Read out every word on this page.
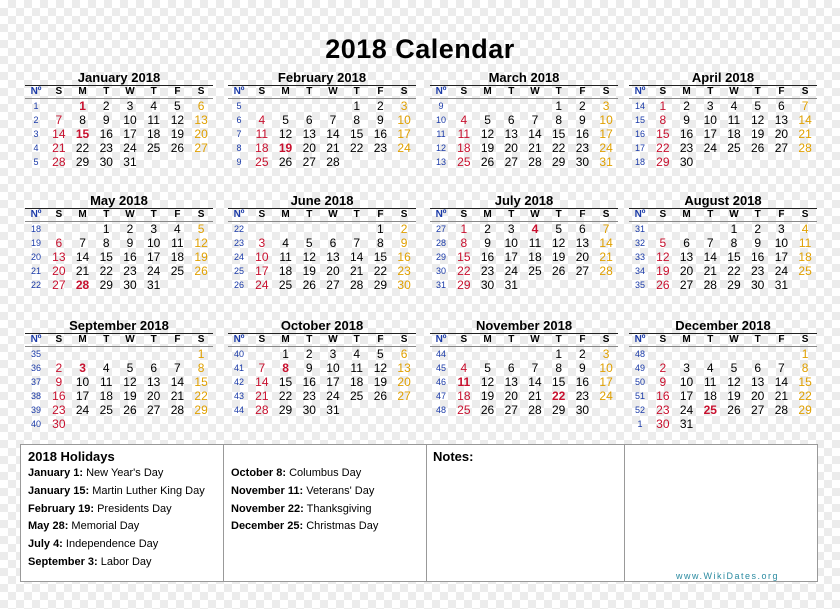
2018 Calendar
January 2018
Nº	S	M	T	W	T	F	S
1		1	2	3	4	5	6
2	7	8	9	10	11	12	13
3	14	15	16	17	18	19	20
4	21	22	23	24	25	26	27
5	28	29	30	31			
February 2018
Nº	S	M	T	W	T	F	S
5					1	2	3
6	4	5	6	7	8	9	10
7	11	12	13	14	15	16	17
8	18	19	20	21	22	23	24
9	25	26	27	28			
March 2018
Nº	S	M	T	W	T	F	S
9					1	2	3
10	4	5	6	7	8	9	10
11	11	12	13	14	15	16	17
12	18	19	20	21	22	23	24
13	25	26	27	28	29	30	31
April 2018
Nº	S	M	T	W	T	F	S
14	1	2	3	4	5	6	7
15	8	9	10	11	12	13	14
16	15	16	17	18	19	20	21
17	22	23	24	25	26	27	28
18	29	30					
May 2018
Nº	S	M	T	W	T	F	S
18			1	2	3	4	5
19	6	7	8	9	10	11	12
20	13	14	15	16	17	18	19
21	20	21	22	23	24	25	26
22	27	28	29	30	31		
June 2018
Nº	S	M	T	W	T	F	S
22						1	2
23	3	4	5	6	7	8	9
24	10	11	12	13	14	15	16
25	17	18	19	20	21	22	23
26	24	25	26	27	28	29	30
July 2018
Nº	S	M	T	W	T	F	S
27	1	2	3	4	5	6	7
28	8	9	10	11	12	13	14
29	15	16	17	18	19	20	21
30	22	23	24	25	26	27	28
31	29	30	31				
August 2018
Nº	S	M	T	W	T	F	S
31				1	2	3	4
32	5	6	7	8	9	10	11
33	12	13	14	15	16	17	18
34	19	20	21	22	23	24	25
35	26	27	28	29	30	31	
September 2018
Nº	S	M	T	W	T	F	S
35							1
36	2	3	4	5	6	7	8
37	9	10	11	12	13	14	15
38	16	17	18	19	20	21	22
39	23	24	25	26	27	28	29
40	30						
October 2018
Nº	S	M	T	W	T	F	S
40		1	2	3	4	5	6
41	7	8	9	10	11	12	13
42	14	15	16	17	18	19	20
43	21	22	23	24	25	26	27
44	28	29	30	31			
November 2018
Nº	S	M	T	W	T	F	S
44					1	2	3
45	4	5	6	7	8	9	10
46	11	12	13	14	15	16	17
47	18	19	20	21	22	23	24
48	25	26	27	28	29	30	
December 2018
Nº	S	M	T	W	T	F	S
48							1
49	2	3	4	5	6	7	8
50	9	10	11	12	13	14	15
51	16	17	18	19	20	21	22
52	23	24	25	26	27	28	29
1	30	31					
2018 Holidays
January 1: New Year's Day
January 15: Martin Luther King Day
February 19: Presidents Day
May 28: Memorial Day
July 4: Independence Day
September 3: Labor Day
October 8: Columbus Day
November 11: Veterans' Day
November 22: Thanksgiving
December 25: Christmas Day
Notes:
www.WikiDates.org
